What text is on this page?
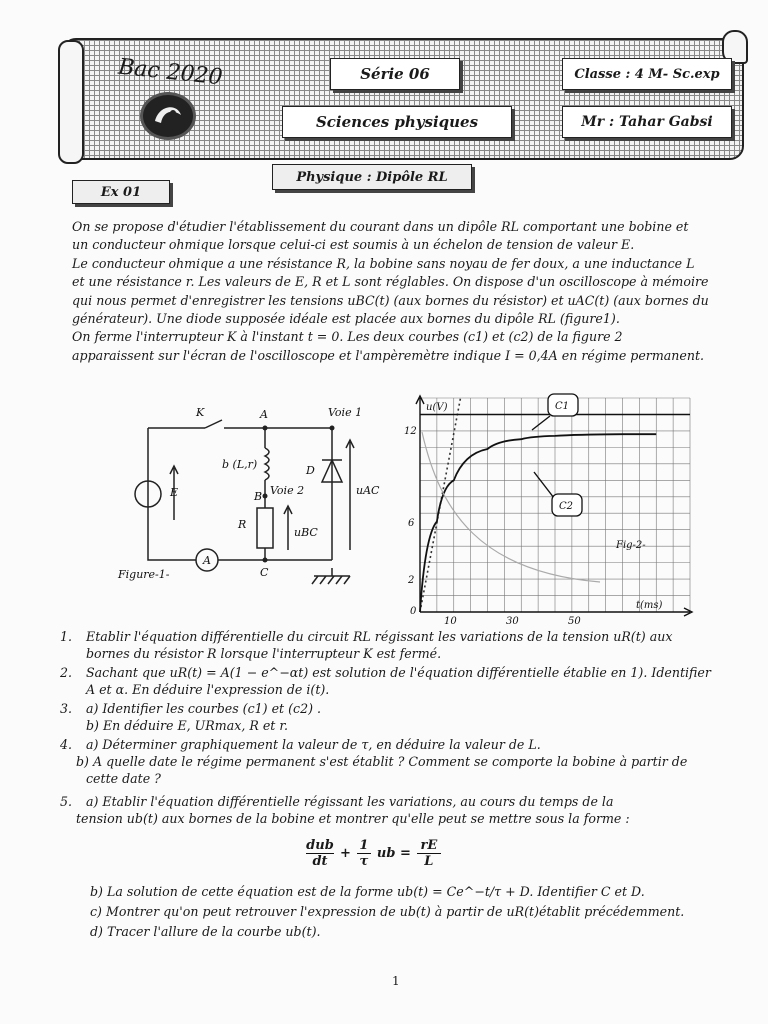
Bac 2020	Série 06	Classe : 4 M- Sc.exp
Sciences physiques	Mr : Tahar Gabsi
Physique : Dipôle RL
Ex 01
On se propose d'étudier l'établissement du courant dans un dipôle RL comportant une bobine et
un conducteur ohmique lorsque celui-ci est soumis à un échelon de tension de valeur E.
Le conducteur ohmique a une résistance R, la bobine sans noyau de fer doux, a une inductance L
et une résistance r. Les valeurs de E, R et L sont réglables. On dispose d'un oscilloscope à mémoire
qui nous permet d'enregistrer les tensions uBC(t) (aux bornes du résistor) et uAC(t) (aux bornes du
générateur). Une diode supposée idéale est placée aux bornes du dipôle RL (figure1).
On ferme l'interrupteur K à l'instant t = 0. Les deux courbes (c1) et (c2) de la figure 2
apparaissent sur l'écran de l'oscilloscope et l'ampèremètre indique I = 0,4A en régime permanent.
K	A	Voie 1
b (L,r)	D
E	B Voie 2	uAC
R
uBC
A
C
Figure-1-
u(V)
t(ms)
12
6
2
0
10	30	50
Fig-2-
C1
C2
1. Etablir l'équation différentielle du circuit RL régissant les variations de la tension uR(t) aux
bornes du résistor R lorsque l'interrupteur K est fermé.
2. Sachant que uR(t) = A(1 − e^−αt) est solution de l'équation différentielle établie en 1). Identifier
A et α. En déduire l'expression de i(t).
3. a) Identifier les courbes (c1) et (c2) .
b) En déduire E, URmax, R et r.
4. a) Déterminer graphiquement la valeur de τ, en déduire la valeur de L.
b) A quelle date le régime permanent s'est établit ? Comment se comporte la bobine à partir de
cette date ?
5. a) Etablir l'équation différentielle régissant les variations, au cours du temps de la
tension ub(t) aux bornes de la bobine et montrer qu'elle peut se mettre sous la forme :
dub
dt
+
1
τ
ub =
rE
L
b) La solution de cette équation est de la forme ub(t) = Ce^−t/τ + D. Identifier C et D.
c) Montrer qu'on peut retrouver l'expression de ub(t) à partir de uR(t)établit précédemment.
d) Tracer l'allure de la courbe ub(t).
1
